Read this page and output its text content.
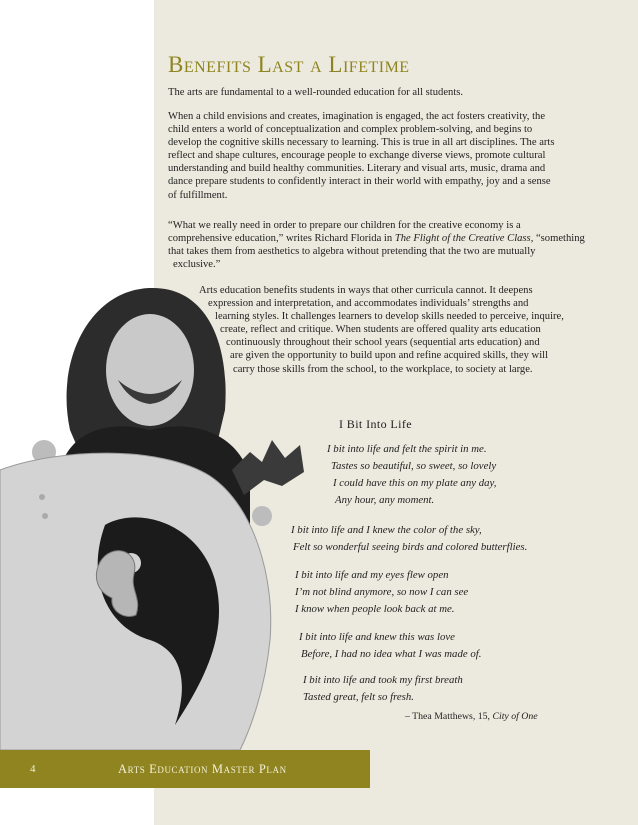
Benefits Last a Lifetime

The arts are fundamental to a well-rounded education for all students.

When a child envisions and creates, imagination is engaged, the act fosters creativity, the
child enters a world of conceptualization and complex problem-solving, and begins to
develop the cognitive skills necessary to learning. This is true in all art disciplines. The arts
reflect and shape cultures, encourage people to exchange diverse views, promote cultural
understanding and build healthy communities. Literary and visual arts, music, drama and
dance prepare students to confidently interact in their world with empathy, joy and a sense
of fulfillment.

“What we really need in order to prepare our children for the creative economy is a
comprehensive education,” writes Richard Florida in The Flight of the Creative Class, “something
that takes them from aesthetics to algebra without pretending that the two are mutually
exclusive.”

Arts education benefits students in ways that other curricula cannot. It deepens
expression and interpretation, and accommodates individuals’ strengths and
learning styles. It challenges learners to develop skills needed to perceive, inquire,
create, reflect and critique. When students are offered quality arts education
continuously throughout their school years (sequential arts education) and
are given the opportunity to build upon and refine acquired skills, they will
carry those skills from the school, to the workplace, to society at large.

I Bit Into Life
I bit into life and felt the spirit in me.
Tastes so beautiful, so sweet, so lovely
I could have this on my plate any day,
Any hour, any moment.
I bit into life and I knew the color of the sky,
Felt so wonderful seeing birds and colored butterflies.
I bit into life and my eyes flew open
I’m not blind anymore, so now I can see
I know when people look back at me.
I bit into life and knew this was love
Before, I had no idea what I was made of.
I bit into life and took my first breath
Tasted great, felt so fresh.
– Thea Matthews, 15, City of One
4	Arts Education Master Plan
